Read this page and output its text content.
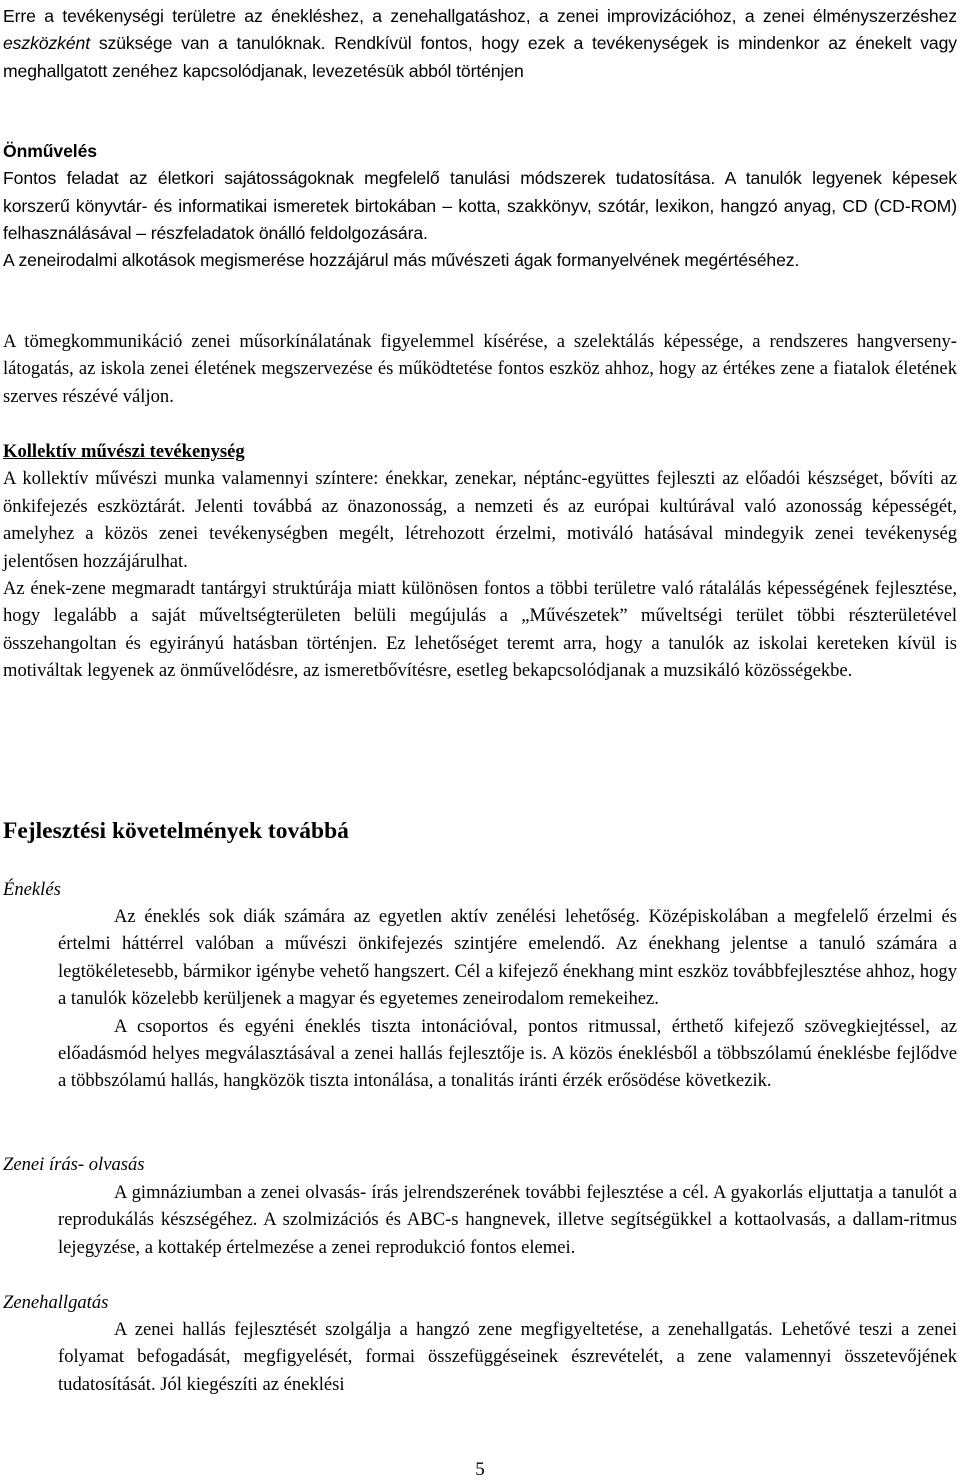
Erre a tevékenységi területre az énekléshez, a zenehallgatáshoz, a zenei improvizációhoz, a zenei élményszerzéshez eszközként szüksége van a tanulóknak. Rendkívül fontos, hogy ezek a tevékenységek is mindenkor az énekelt vagy meghallgatott zenéhez kapcsolódjanak, levezetésük abból történjen

Önművelés

Fontos feladat az életkori sajátosságoknak megfelelő tanulási módszerek tudatosítása. A tanulók legyenek képesek korszerű könyvtár- és informatikai ismeretek birtokában – kotta, szakkönyv, szótár, lexikon, hangzó anyag, CD (CD-ROM) felhasználásával – részfeladatok önálló feldolgozására.

A zeneirodalmi alkotások megismerése hozzájárul más művészeti ágak formanyelvének megértéséhez.

A tömegkommunikáció zenei műsorkínálatának figyelemmel kísérése, a szelektálás képessége, a rendszeres hangverseny-látogatás, az iskola zenei életének megszervezése és működtetése fontos eszköz ahhoz, hogy az értékes zene a fiatalok életének szerves részévé váljon.

Kollektív művészi tevékenység

A kollektív művészi munka valamennyi színtere: énekkar, zenekar, néptánc-együttes fejleszti az előadói készséget, bővíti az önkifejezés eszköztárát. Jelenti továbbá az önazonosság, a nemzeti és az európai kultúrával való azonosság képességét, amelyhez a közös zenei tevékenységben megélt, létrehozott érzelmi, motiváló hatásával mindegyik zenei tevékenység jelentősen hozzájárulhat.

Az ének-zene megmaradt tantárgyi struktúrája miatt különösen fontos a többi területre való rátalálás képességének fejlesztése, hogy legalább a saját műveltségterületen belüli megújulás a „Művészetek” műveltségi terület többi részterületével összehangoltan és egyirányú hatásban történjen. Ez lehetőséget teremt arra, hogy a tanulók az iskolai kereteken kívül is motiváltak legyenek az önművelődésre, az ismeretbővítésre, esetleg bekapcsolódjanak a muzsikáló közösségekbe.

Fejlesztési követelmények továbbá
Éneklés

Az éneklés sok diák számára az egyetlen aktív zenélési lehetőség. Középiskolában a megfelelő érzelmi és értelmi háttérrel valóban a művészi önkifejezés szintjére emelendő. Az énekhang jelentse a tanuló számára a legtökéletesebb, bármikor igénybe vehető hangszert. Cél a kifejező énekhang mint eszköz továbbfejlesztése ahhoz, hogy a tanulók közelebb kerüljenek a magyar és egyetemes zeneirodalom remekeihez.

A csoportos és egyéni éneklés tiszta intonációval, pontos ritmussal, érthető kifejező szövegkiejtéssel, az előadásmód helyes megválasztásával a zenei hallás fejlesztője is. A közös éneklésből a többszólamú éneklésbe fejlődve a többszólamú hallás, hangközök tiszta intonálása, a tonalitás iránti érzék erősödése következik.

Zenei írás- olvasás

A gimnáziumban a zenei olvasás- írás jelrendszerének további fejlesztése a cél. A gyakorlás eljuttatja a tanulót a reprodukálás készségéhez. A szolmizációs és ABC-s hangnevek, illetve segítségükkel a kottaolvasás, a dallam-ritmus lejegyzése, a kottakép értelmezése a zenei reprodukció fontos elemei.

Zenehallgatás

A zenei hallás fejlesztését szolgálja a hangzó zene megfigyeltetése, a zenehallgatás. Lehetővé teszi a zenei folyamat befogadását, megfigyelését, formai összefüggéseinek észrevételét, a zene valamennyi összetevőjének tudatosítását. Jól kiegészíti az éneklési

5
